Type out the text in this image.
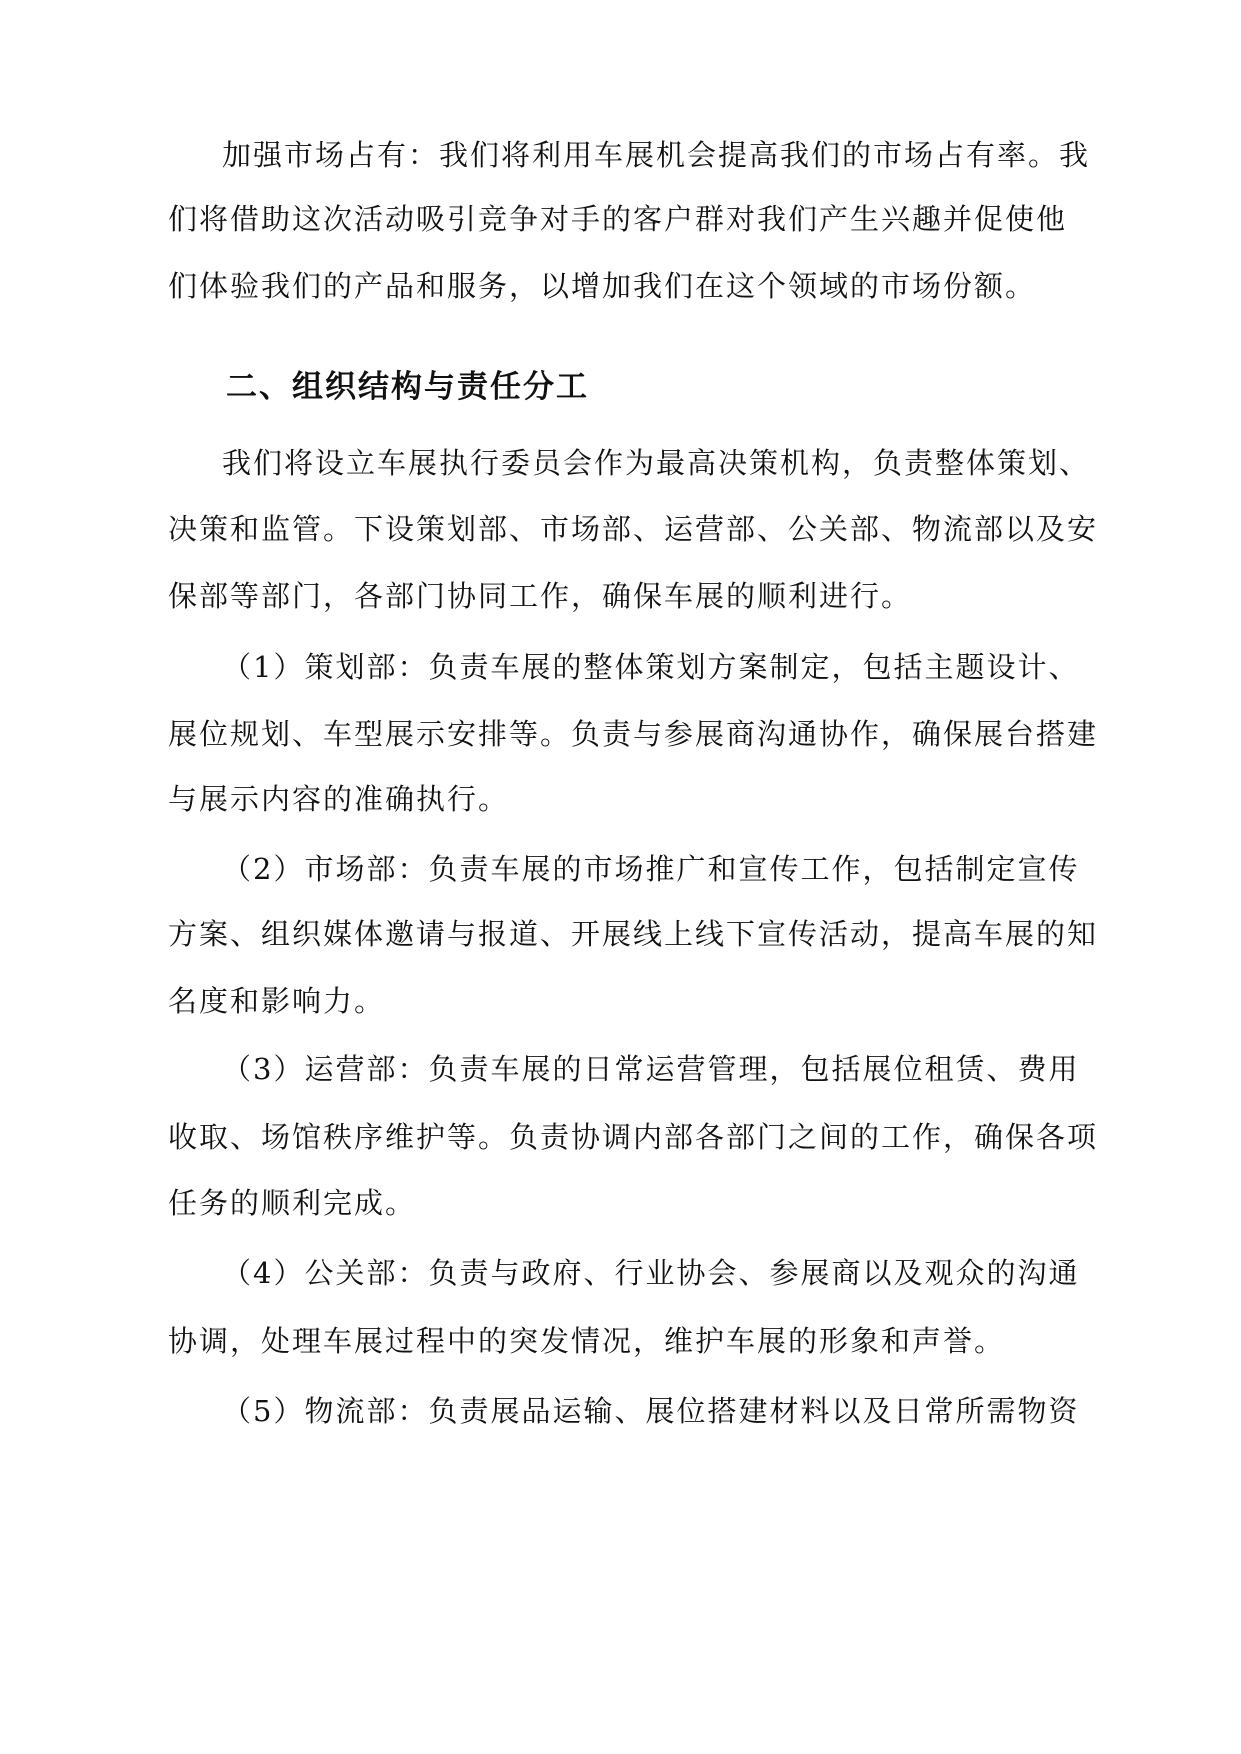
加强市场占有：我们将利用车展机会提高我们的市场占有率。我
们将借助这次活动吸引竞争对手的客户群对我们产生兴趣并促使他
们体验我们的产品和服务，以增加我们在这个领域的市场份额。
二、组织结构与责任分工
我们将设立车展执行委员会作为最高决策机构，负责整体策划、
决策和监管。下设策划部、市场部、运营部、公关部、物流部以及安
保部等部门，各部门协同工作，确保车展的顺利进行。
（1）策划部：负责车展的整体策划方案制定，包括主题设计、
展位规划、车型展示安排等。负责与参展商沟通协作，确保展台搭建
与展示内容的准确执行。
（2）市场部：负责车展的市场推广和宣传工作，包括制定宣传
方案、组织媒体邀请与报道、开展线上线下宣传活动，提高车展的知
名度和影响力。
（3）运营部：负责车展的日常运营管理，包括展位租赁、费用
收取、场馆秩序维护等。负责协调内部各部门之间的工作，确保各项
任务的顺利完成。
（4）公关部：负责与政府、行业协会、参展商以及观众的沟通
协调，处理车展过程中的突发情况，维护车展的形象和声誉。
（5）物流部：负责展品运输、展位搭建材料以及日常所需物资
